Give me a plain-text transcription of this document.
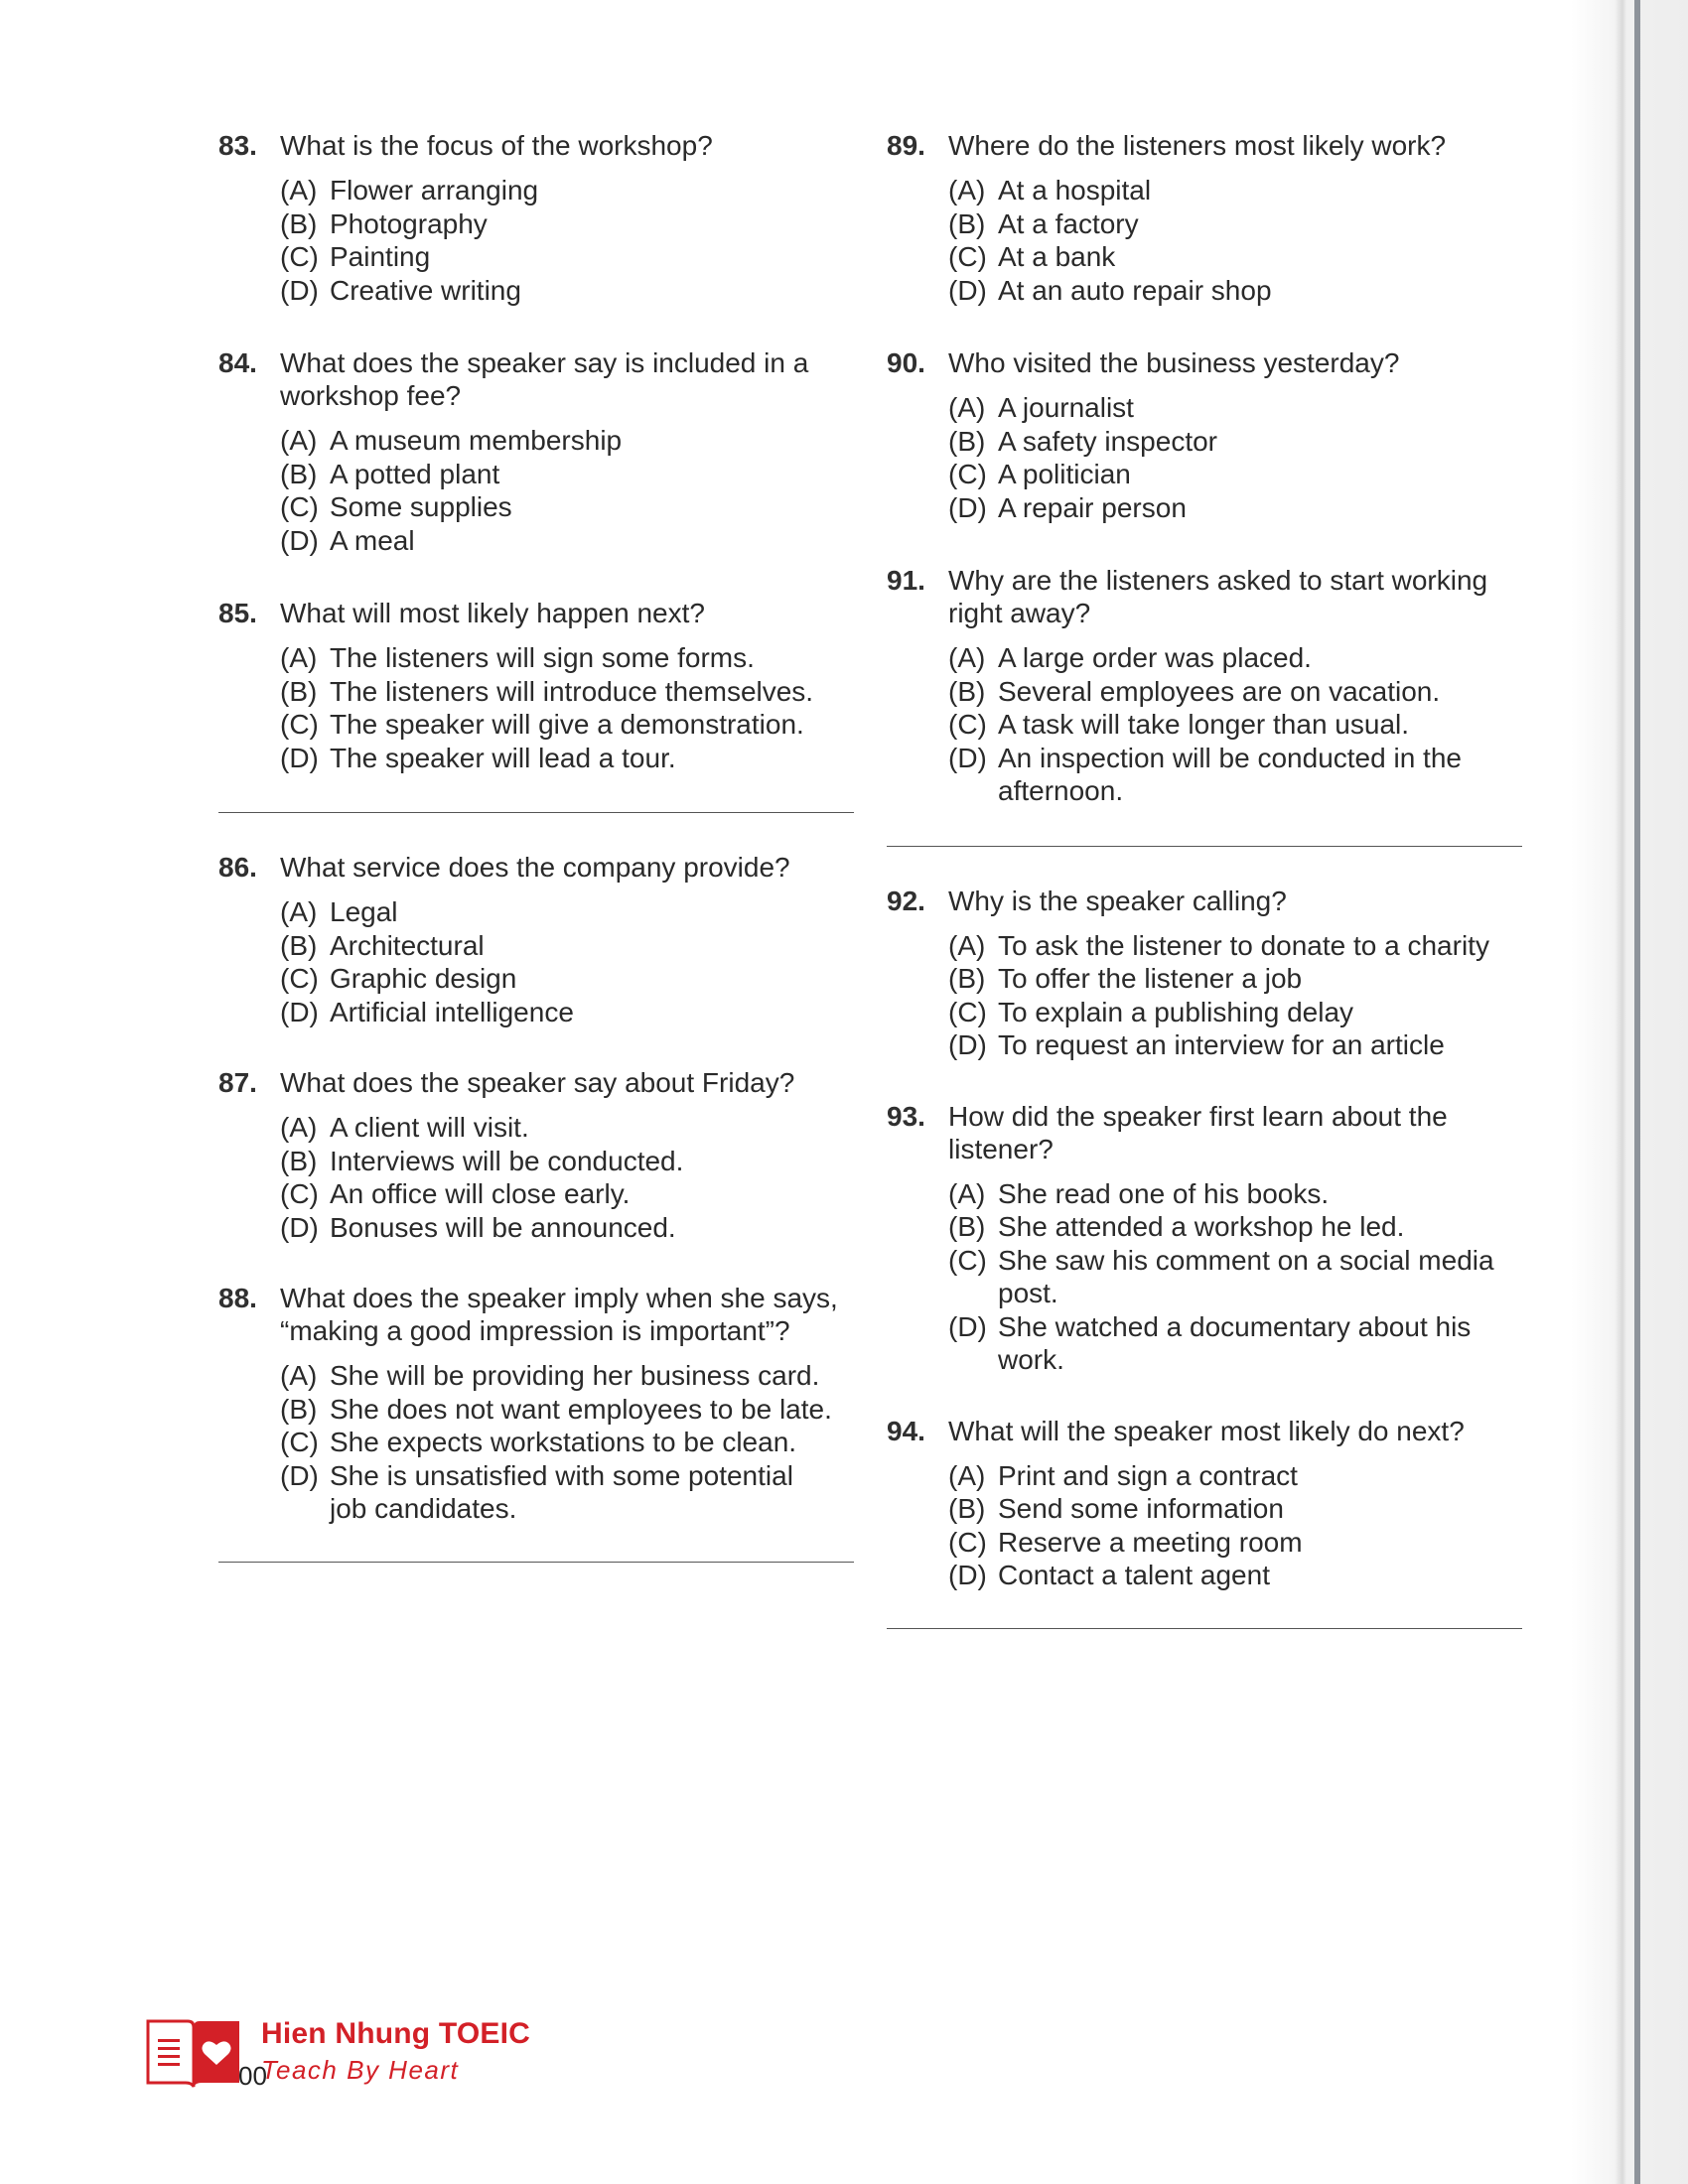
83. What is the focus of the workshop?
(A) Flower arranging
(B) Photography
(C) Painting
(D) Creative writing
84. What does the speaker say is included in a workshop fee?
(A) A museum membership
(B) A potted plant
(C) Some supplies
(D) A meal
85. What will most likely happen next?
(A) The listeners will sign some forms.
(B) The listeners will introduce themselves.
(C) The speaker will give a demonstration.
(D) The speaker will lead a tour.
86. What service does the company provide?
(A) Legal
(B) Architectural
(C) Graphic design
(D) Artificial intelligence
87. What does the speaker say about Friday?
(A) A client will visit.
(B) Interviews will be conducted.
(C) An office will close early.
(D) Bonuses will be announced.
88. What does the speaker imply when she says, “making a good impression is important”?
(A) She will be providing her business card.
(B) She does not want employees to be late.
(C) She expects workstations to be clean.
(D) She is unsatisfied with some potential job candidates.
89. Where do the listeners most likely work?
(A) At a hospital
(B) At a factory
(C) At a bank
(D) At an auto repair shop
90. Who visited the business yesterday?
(A) A journalist
(B) A safety inspector
(C) A politician
(D) A repair person
91. Why are the listeners asked to start working right away?
(A) A large order was placed.
(B) Several employees are on vacation.
(C) A task will take longer than usual.
(D) An inspection will be conducted in the afternoon.
92. Why is the speaker calling?
(A) To ask the listener to donate to a charity
(B) To offer the listener a job
(C) To explain a publishing delay
(D) To request an interview for an article
93. How did the speaker first learn about the listener?
(A) She read one of his books.
(B) She attended a workshop he led.
(C) She saw his comment on a social media post.
(D) She watched a documentary about his work.
94. What will the speaker most likely do next?
(A) Print and sign a contract
(B) Send some information
(C) Reserve a meeting room
(D) Contact a talent agent
Hien Nhung TOEIC
Teach By Heart
00
